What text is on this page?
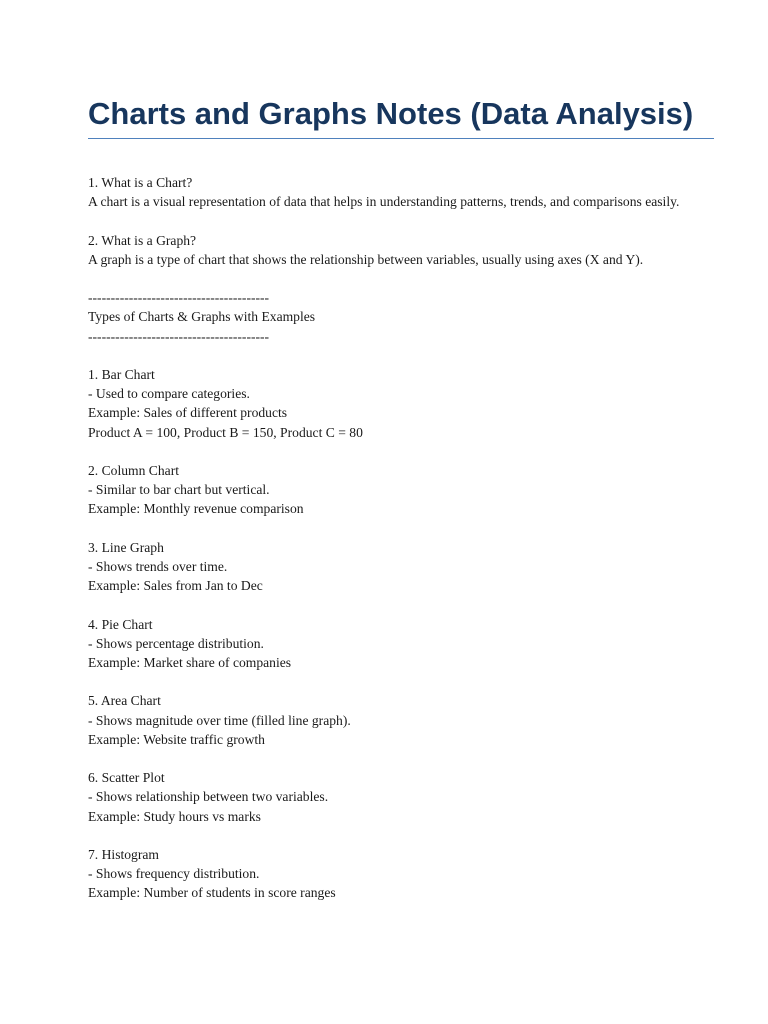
Charts and Graphs Notes (Data Analysis)
1. What is a Chart?
A chart is a visual representation of data that helps in understanding patterns, trends, and comparisons easily.
2. What is a Graph?
A graph is a type of chart that shows the relationship between variables, usually using axes (X and Y).
----------------------------------------
Types of Charts & Graphs with Examples
----------------------------------------
1. Bar Chart
- Used to compare categories.
Example: Sales of different products
Product A = 100, Product B = 150, Product C = 80
2. Column Chart
- Similar to bar chart but vertical.
Example: Monthly revenue comparison
3. Line Graph
- Shows trends over time.
Example: Sales from Jan to Dec
4. Pie Chart
- Shows percentage distribution.
Example: Market share of companies
5. Area Chart
- Shows magnitude over time (filled line graph).
Example: Website traffic growth
6. Scatter Plot
- Shows relationship between two variables.
Example: Study hours vs marks
7. Histogram
- Shows frequency distribution.
Example: Number of students in score ranges
